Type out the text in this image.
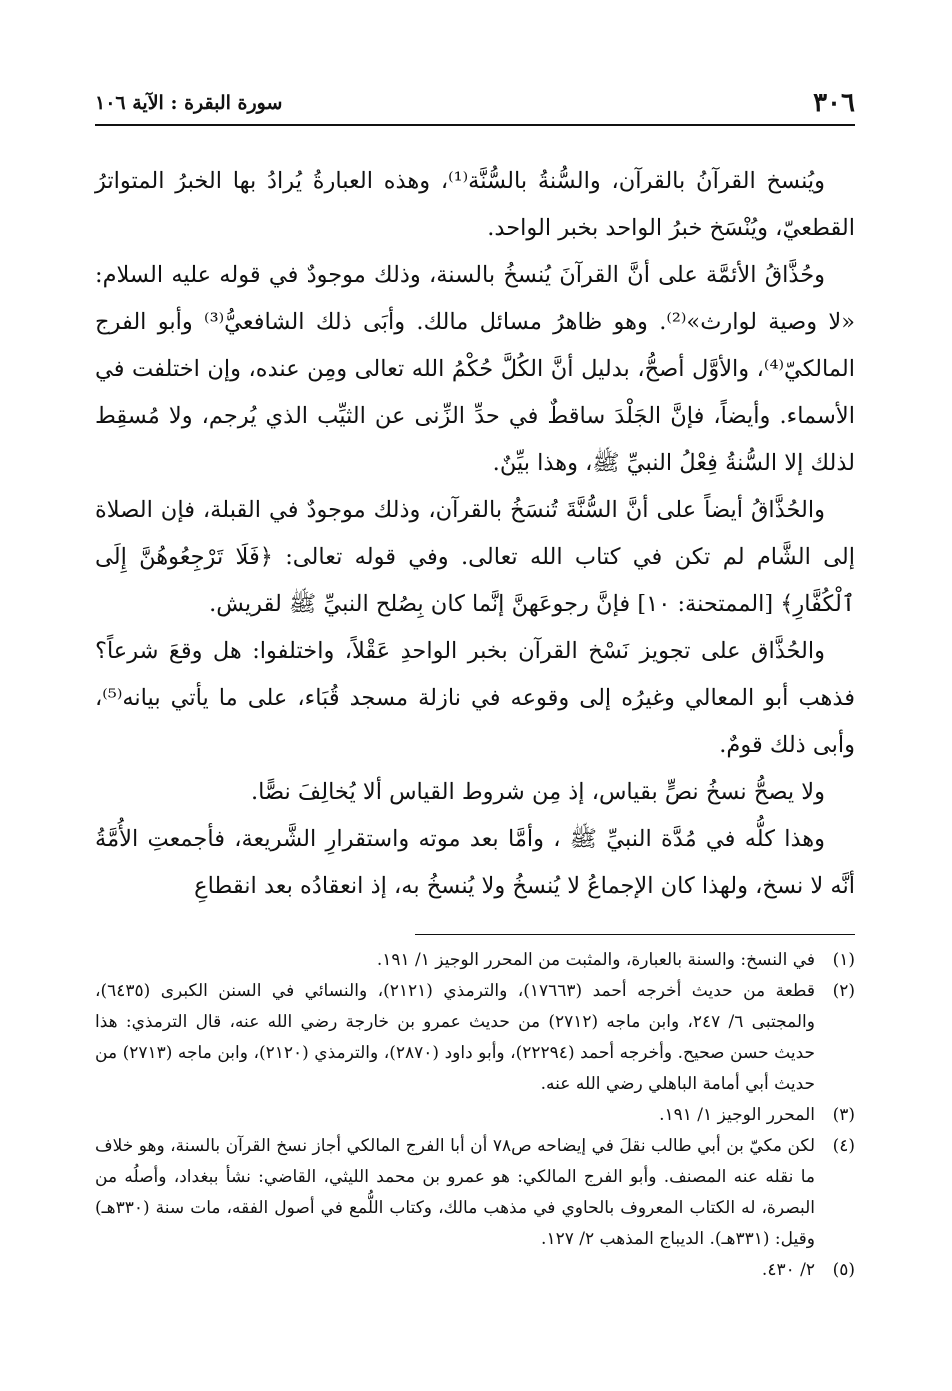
٣٠٦
سورة البقرة : الآية ١٠٦

ويُنسخ القرآنُ بالقرآن، والسُّنةُ بالسُّنَّة⁽¹⁾، وهذه العبارةُ يُرادُ بها الخبرُ المتواترُ القطعيّ، ويُنْسَخ خبرُ الواحد بخبر الواحد.

وحُذَّاقُ الأئمَّة على أنَّ القرآنَ يُنسخُ بالسنة، وذلك موجودٌ في قوله عليه السلام: «لا وصية لوارث»⁽²⁾. وهو ظاهرُ مسائل مالك. وأبَى ذلك الشافعيُّ⁽³⁾ وأبو الفرج المالكيّ⁽⁴⁾، والأوَّل أصحُّ، بدليل أنَّ الكُلَّ حُكْمُ الله تعالى ومِن عنده، وإن اختلفت في الأسماء. وأيضاً، فإنَّ الجَلْدَ ساقطٌ في حدِّ الزِّنى عن الثيِّب الذي يُرجم، ولا مُسقِط لذلك إلا السُّنةُ فِعْلُ النبيِّ ﷺ، وهذا بيِّنٌ.

والحُذَّاقُ أيضاً على أنَّ السُّنَّةَ تُنسَخُ بالقرآن، وذلك موجودٌ في القبلة، فإن الصلاة إلى الشَّام لم تكن في كتاب الله تعالى. وفي قوله تعالى: ﴿فَلَا تَرْجِعُوهُنَّ إِلَى ٱلْكُفَّارِ﴾ [الممتحنة: ١٠] فإنَّ رجوعَهنَّ إنَّما كان بِصُلح النبيِّ ﷺ لقريش.

والحُذَّاق على تجويز نَسْخ القرآن بخبر الواحدِ عَقْلاً، واختلفوا: هل وقعَ شرعاً؟ فذهب أبو المعالي وغيرُه إلى وقوعه في نازلة مسجد قُبَاء، على ما يأتي بيانه⁽⁵⁾، وأبى ذلك قومٌ.

ولا يصحُّ نسخُ نصٍّ بقياس، إذ مِن شروط القياس ألا يُخالِفَ نصًّا.

وهذا كلُّه في مُدَّة النبيِّ ﷺ ، وأمَّا بعد موته واستقرارِ الشَّريعة، فأجمعتِ الأُمَّةُ أنَّه لا نسخ، ولهذا كان الإجماعُ لا يُنسخُ ولا يُنسخُ به، إذ انعقادُه بعد انقطاعِ

(١)
في النسخ: والسنة بالعبارة، والمثبت من المحرر الوجيز ١/ ١٩١.
(٢)
قطعة من حديث أخرجه أحمد (١٧٦٦٣)، والترمذي (٢١٢١)، والنسائي في السنن الكبرى (٦٤٣٥)، والمجتبى ٦/ ٢٤٧، وابن ماجه (٢٧١٢) من حديث عمرو بن خارجة رضي الله عنه، قال الترمذي: هذا حديث حسن صحيح. وأخرجه أحمد (٢٢٢٩٤)، وأبو داود (٢٨٧٠)، والترمذي (٢١٢٠)، وابن ماجه (٢٧١٣) من حديث أبي أمامة الباهلي رضي الله عنه.
(٣)
المحرر الوجيز ١/ ١٩١.
(٤)
لكن مكيّ بن أبي طالب نقلَ في إيضاحه ص٧٨ أن أبا الفرج المالكي أجاز نسخ القرآن بالسنة، وهو خلاف ما نقله عنه المصنف. وأبو الفرج المالكي: هو عمرو بن محمد الليثي، القاضي: نشأ ببغداد، وأصلُه من البصرة، له الكتاب المعروف بالحاوي في مذهب مالك، وكتاب اللُّمع في أصول الفقه، مات سنة (٣٣٠هـ) وقيل: (٣٣١هـ). الديباج المذهب ٢/ ١٢٧.
(٥)
٢/ ٤٣٠.
